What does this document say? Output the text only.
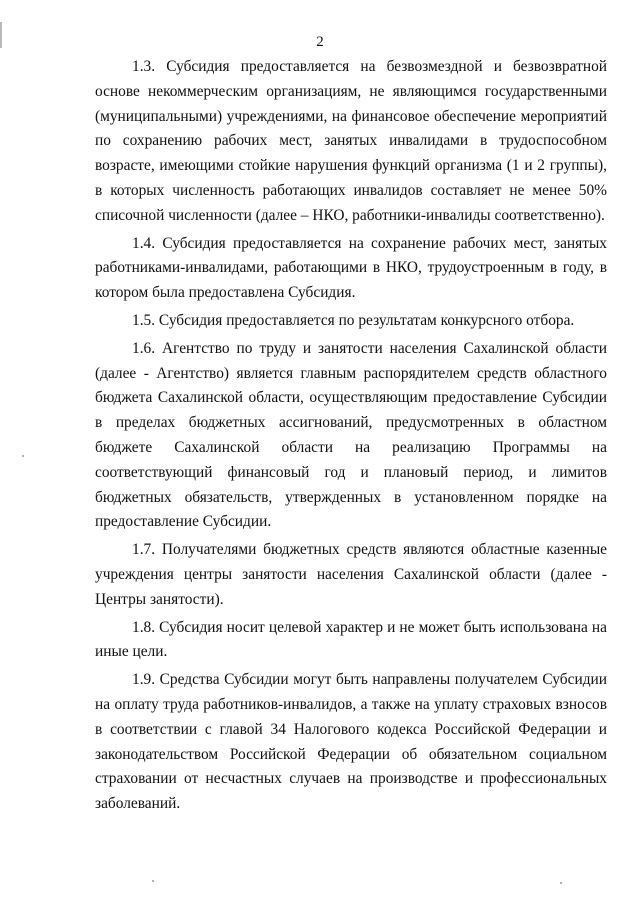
2

1.3. Субсидия предоставляется на безвозмездной и безвозвратной основе некоммерческим организациям, не являющимся государственными (муниципальными) учреждениями, на финансовое обеспечение мероприятий по сохранению рабочих мест, занятых инвалидами в трудоспособном возрасте, имеющими стойкие нарушения функций организма (1 и 2 группы), в которых численность работающих инвалидов составляет не менее 50% списочной численности (далее – НКО, работники-инвалиды соответственно).

1.4. Субсидия предоставляется на сохранение рабочих мест, занятых работниками-инвалидами, работающими в НКО, трудоустроенным в году, в котором была предоставлена Субсидия.

1.5. Субсидия предоставляется по результатам конкурсного отбора.

1.6. Агентство по труду и занятости населения Сахалинской области (далее - Агентство) является главным распорядителем средств областного бюджета Сахалинской области, осуществляющим предоставление Субсидии в пределах бюджетных ассигнований, предусмотренных в областном бюджете Сахалинской области на реализацию Программы на соответствующий финансовый год и плановый период, и лимитов бюджетных обязательств, утвержденных в установленном порядке на предоставление Субсидии.

1.7. Получателями бюджетных средств являются областные казенные учреждения центры занятости населения Сахалинской области (далее - Центры занятости).

1.8. Субсидия носит целевой характер и не может быть использована на иные цели.

1.9. Средства Субсидии могут быть направлены получателем Субсидии на оплату труда работников-инвалидов, а также на уплату страховых взносов в соответствии с главой 34 Налогового кодекса Российской Федерации и законодательством Российской Федерации об обязательном социальном страховании от несчастных случаев на производстве и профессиональных заболеваний.
